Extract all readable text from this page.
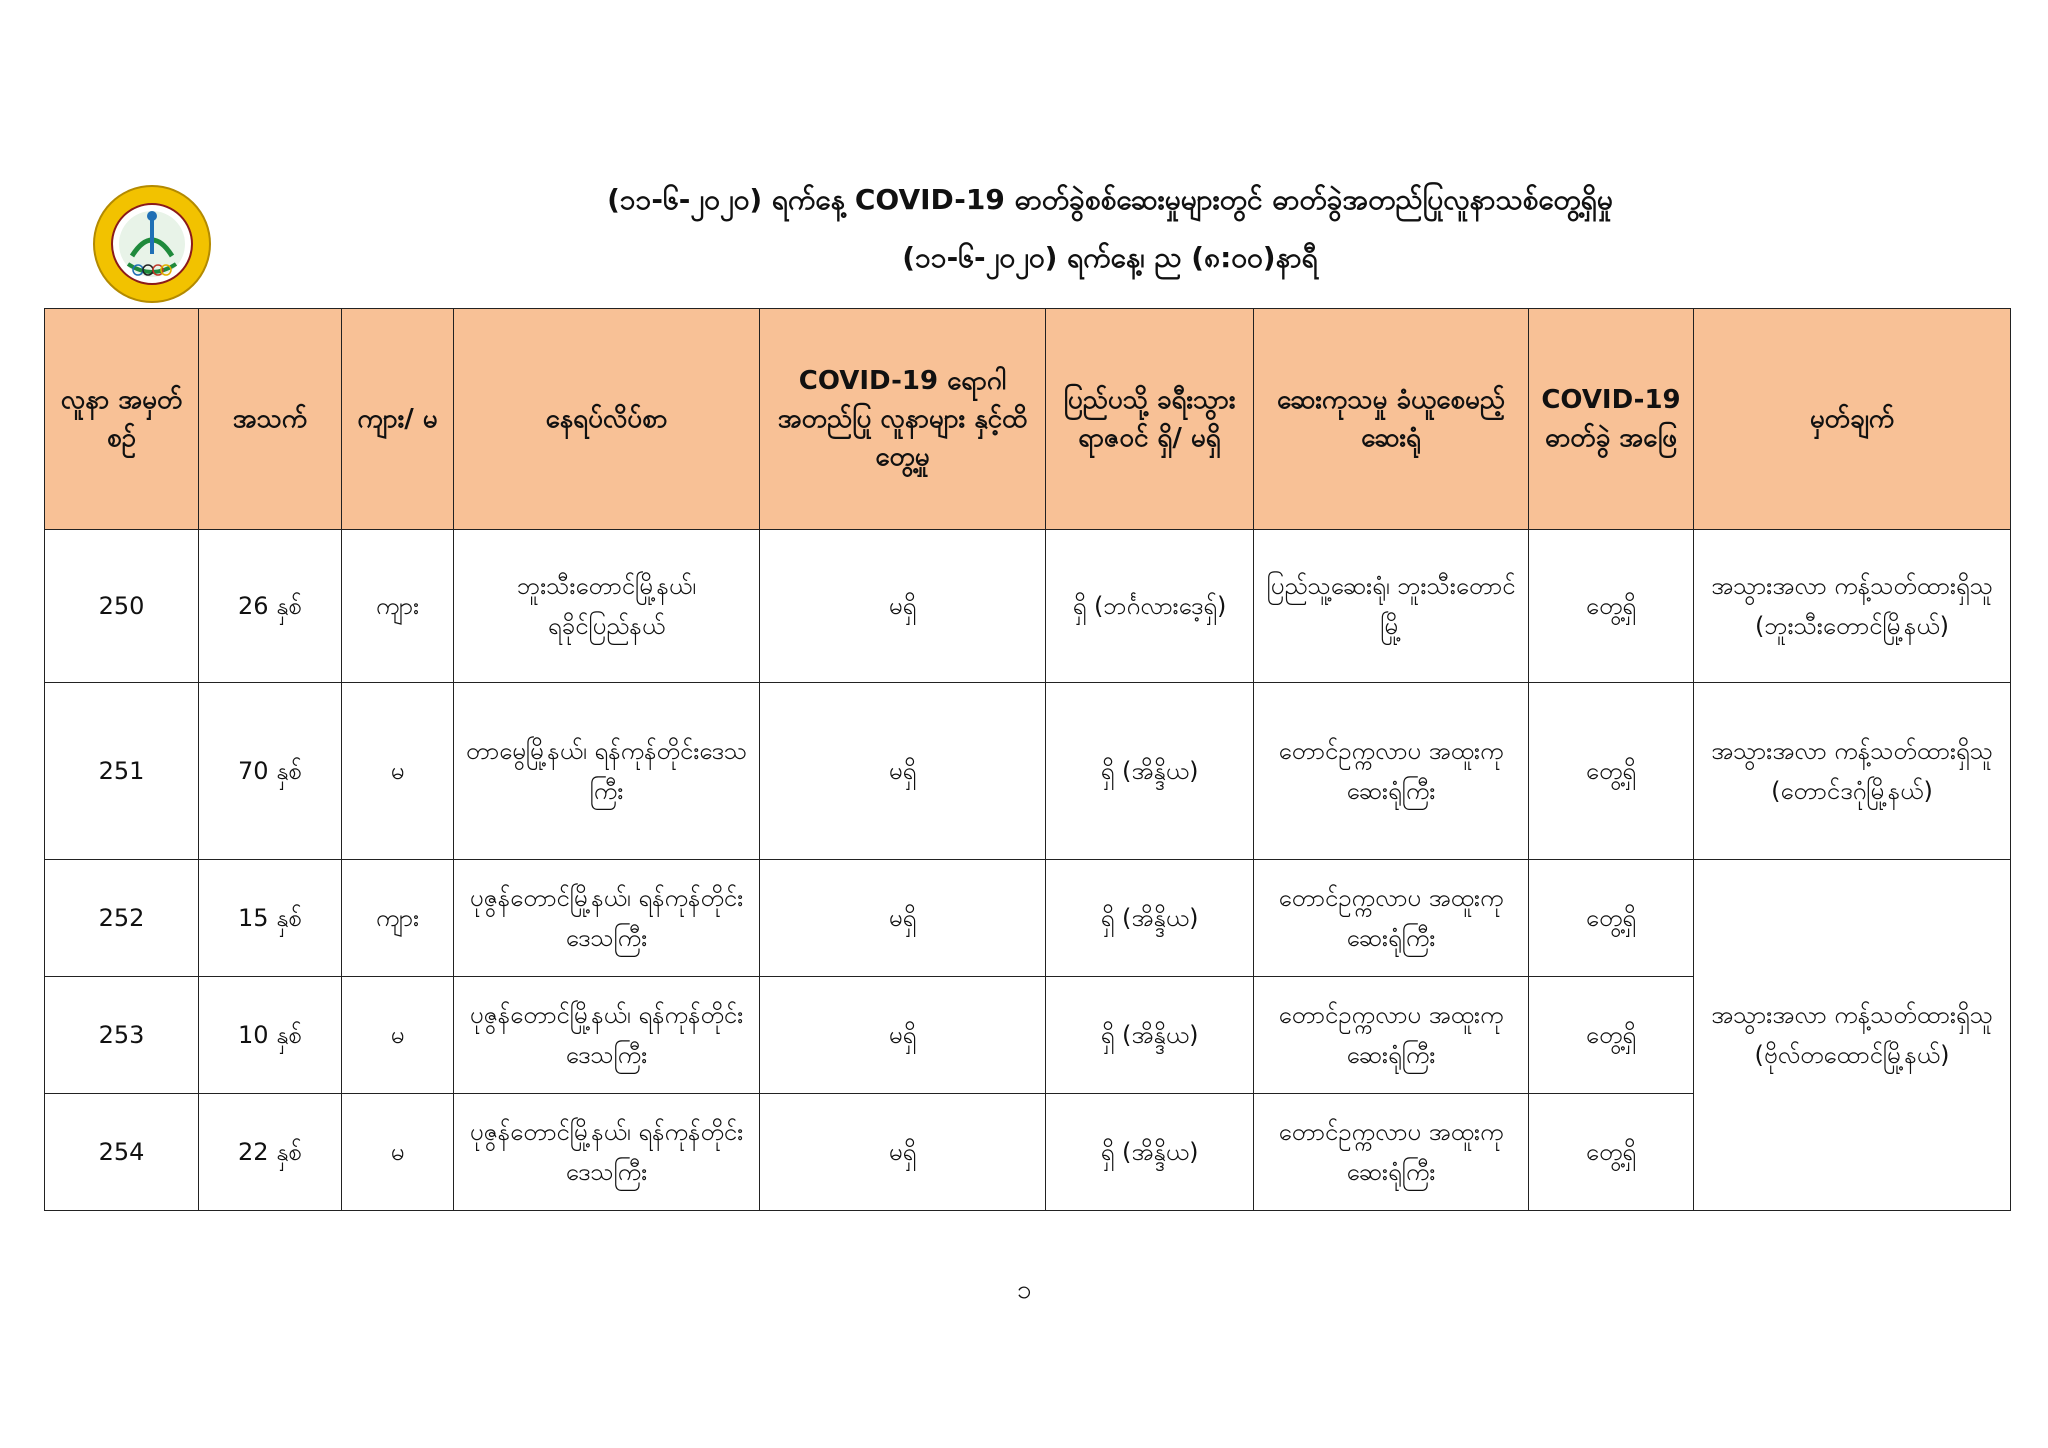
(၁၁-၆-၂၀၂၀) ရက်နေ့ COVID-19 ဓာတ်ခွဲစစ်ဆေးမှုများတွင် ဓာတ်ခွဲအတည်ပြုလူနာသစ်တွေ့ရှိမှု
(၁၁-၆-၂၀၂၀) ရက်နေ့၊ ည (၈:၀၀)နာရီ
လူနာ အမှတ် စဉ်	အသက်	ကျား/ မ	နေရပ်လိပ်စာ	COVID-19 ရောဂါ အတည်ပြု လူနာများ နှင့်ထိတွေ့မှု	ပြည်ပသို့ ခရီးသွား ရာဇဝင် ရှိ/ မရှိ	ဆေးကုသမှု ခံယူစေမည့် ဆေးရုံ	COVID-19 ဓာတ်ခွဲ အဖြေ	မှတ်ချက်
250	26 နှစ်	ကျား	ဘူးသီးတောင်မြို့နယ်၊ ရခိုင်ပြည်နယ်	မရှိ	ရှိ (ဘင်္ဂလားဒေ့ရှ်)	ပြည်သူ့ဆေးရုံ၊ ဘူးသီးတောင်မြို့	တွေ့ရှိ	အသွားအလာ ကန့်သတ်ထားရှိသူ (ဘူးသီးတောင်မြို့နယ်)
251	70 နှစ်	မ	တာမွေမြို့နယ်၊ ရန်ကုန်တိုင်းဒေသကြီး	မရှိ	ရှိ (အိန္ဒိယ)	တောင်ဥက္ကလာပ အထူးကုဆေးရုံကြီး	တွေ့ရှိ	အသွားအလာ ကန့်သတ်ထားရှိသူ (တောင်ဒဂုံမြို့နယ်)
252	15 နှစ်	ကျား	ပုဇွန်တောင်မြို့နယ်၊ ရန်ကုန်တိုင်းဒေသကြီး	မရှိ	ရှိ (အိန္ဒိယ)	တောင်ဥက္ကလာပ အထူးကုဆေးရုံကြီး	တွေ့ရှိ	အသွားအလာ ကန့်သတ်ထားရှိသူ (ဗိုလ်တထောင်မြို့နယ်)
253	10 နှစ်	မ	ပုဇွန်တောင်မြို့နယ်၊ ရန်ကုန်တိုင်းဒေသကြီး	မရှိ	ရှိ (အိန္ဒိယ)	တောင်ဥက္ကလာပ အထူးကုဆေးရုံကြီး	တွေ့ရှိ	
254	22 နှစ်	မ	ပုဇွန်တောင်မြို့နယ်၊ ရန်ကုန်တိုင်းဒေသကြီး	မရှိ	ရှိ (အိန္ဒိယ)	တောင်ဥက္ကလာပ အထူးကုဆေးရုံကြီး	တွေ့ရှိ	
၁
